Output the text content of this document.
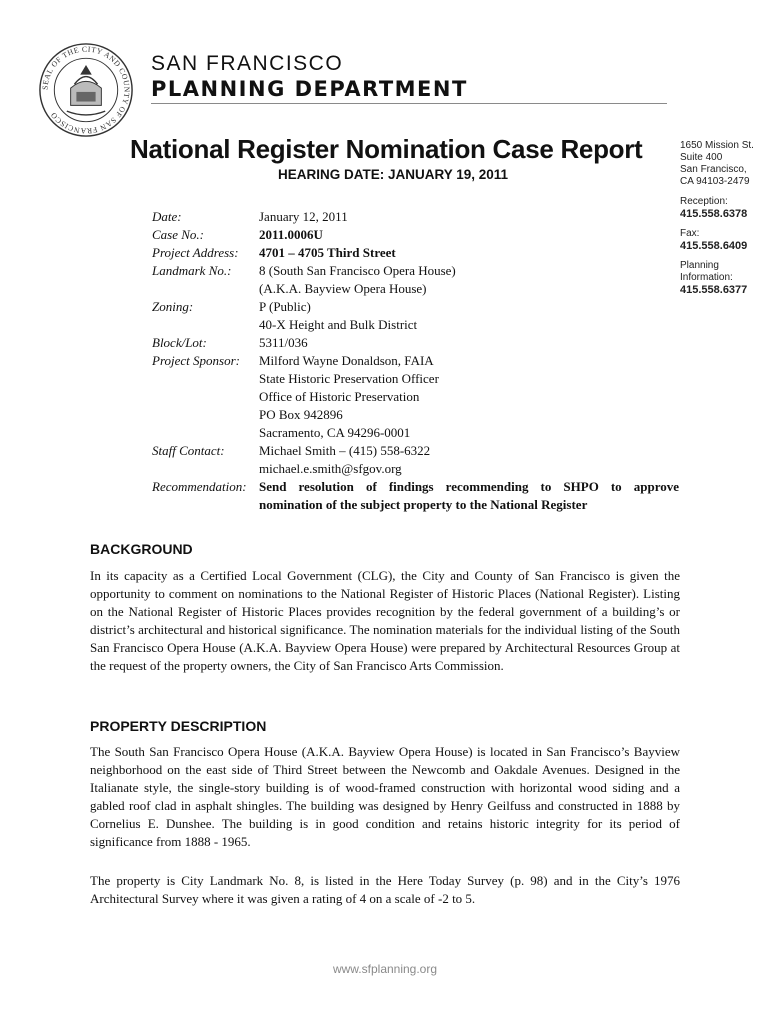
SEAL OF THE CITY AND COUNTY OF SAN FRANCISCO
SAN FRANCISCO
PLANNING DEPARTMENT
National Register Nomination Case Report
HEARING DATE: JANUARY 19, 2011
1650 Mission St.
Suite 400
San Francisco,
CA 94103-2479
Reception:
415.558.6378
Fax:
415.558.6409
Planning
Information:
415.558.6377
Date:	January 12, 2011
Case No.:	2011.0006U
Project Address:	4701 – 4705 Third Street
Landmark No.:	8 (South San Francisco Opera House)
(A.K.A. Bayview Opera House)
Zoning:	P (Public)
40-X Height and Bulk District
Block/Lot:	5311/036
Project Sponsor:	Milford Wayne Donaldson, FAIA
State Historic Preservation Officer
Office of Historic Preservation
PO Box 942896
Sacramento, CA 94296-0001
Staff Contact:	Michael Smith – (415) 558-6322
michael.e.smith@sfgov.org
Recommendation: Send resolution of findings recommending to SHPO to approve
nomination of the subject property to the National Register
BACKGROUND

In its capacity as a Certified Local Government (CLG), the City and County of San Francisco is given the opportunity to comment on nominations to the National Register of Historic Places (National Register). Listing on the National Register of Historic Places provides recognition by the federal government of a building’s or district’s architectural and historical significance. The nomination materials for the individual listing of the South San Francisco Opera House (A.K.A. Bayview Opera House) were prepared by Architectural Resources Group at the request of the property owners, the City of San Francisco Arts Commission.

PROPERTY DESCRIPTION

The South San Francisco Opera House (A.K.A. Bayview Opera House) is located in San Francisco’s Bayview neighborhood on the east side of Third Street between the Newcomb and Oakdale Avenues. Designed in the Italianate style, the single-story building is of wood-framed construction with horizontal wood siding and a gabled roof clad in asphalt shingles. The building was designed by Henry Geilfuss and constructed in 1888 by Cornelius E. Dunshee. The building is in good condition and retains historic integrity for its period of significance from 1888 - 1965.

The property is City Landmark No. 8, is listed in the Here Today Survey (p. 98) and in the City’s 1976 Architectural Survey where it was given a rating of 4 on a scale of -2 to 5.

www.sfplanning.org
